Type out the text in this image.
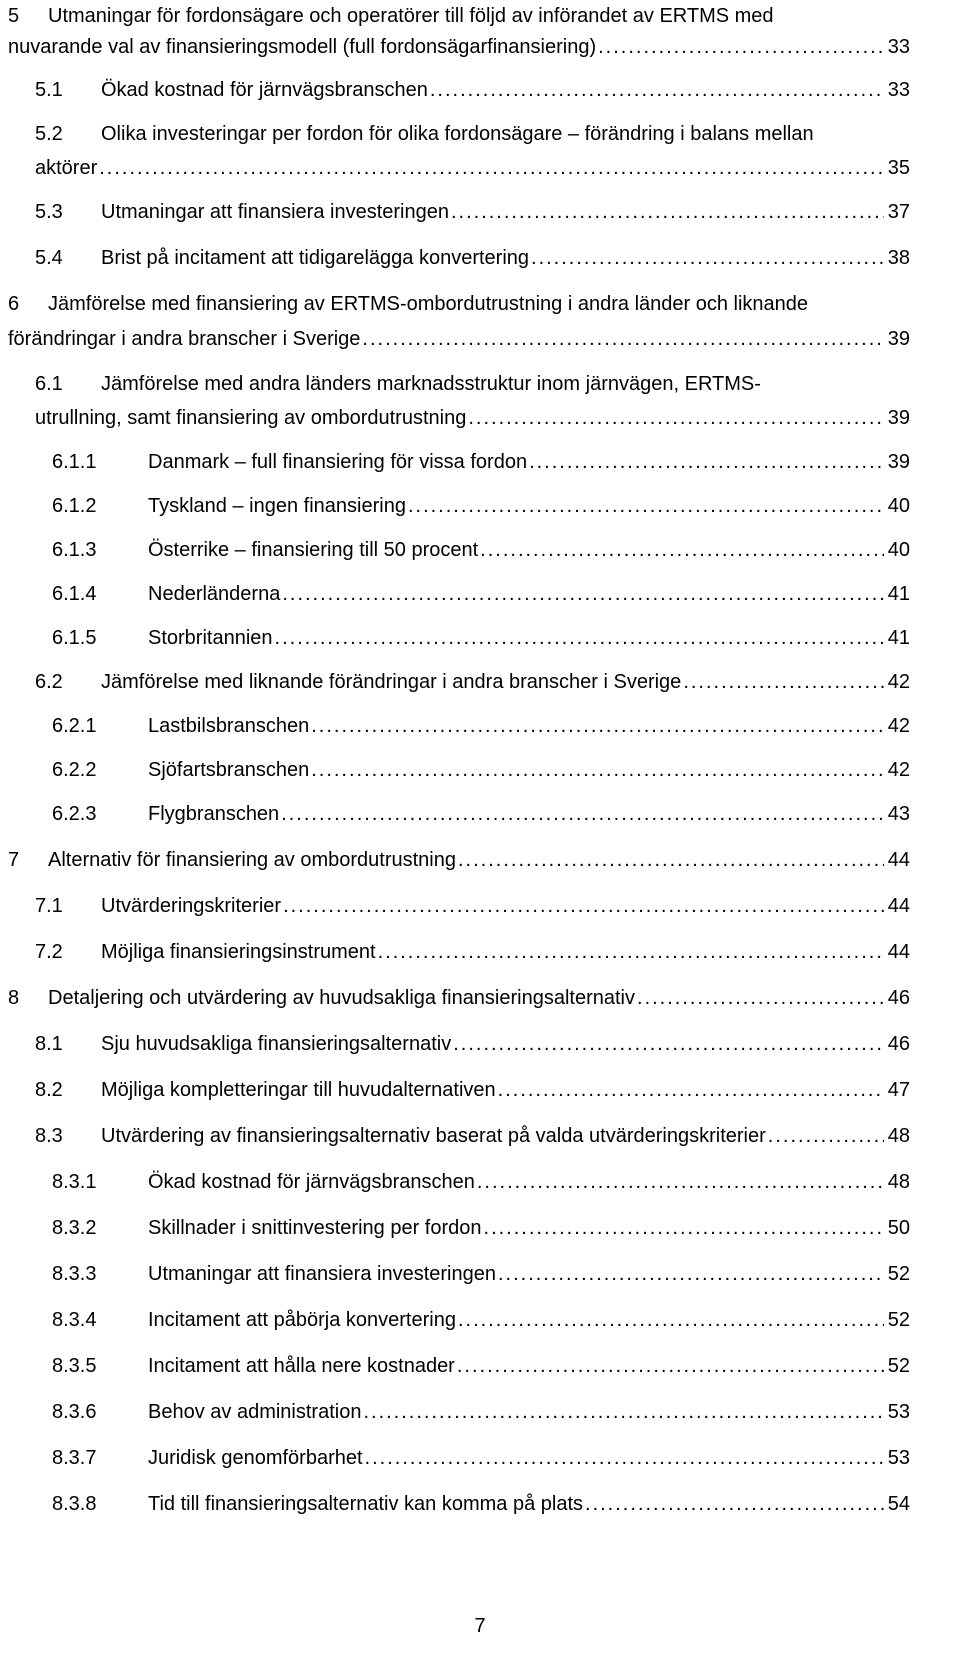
5 Utmaningar för fordonsägare och operatörer till följd av införandet av ERTMS med
nuvarande val av finansieringsmodell (full fordonsägarfinansiering) .....	33
5.1	Ökad kostnad för järnvägsbranschen .....	33
5.2 Olika investeringar per fordon för olika fordonsägare – förändring i balans mellan
aktörer .....	35
5.3	Utmaningar att finansiera investeringen .....	37
5.4	Brist på incitament att tidigarelägga konvertering .....	38
6 Jämförelse med finansiering av ERTMS-ombordutrustning i andra länder och liknande
förändringar i andra branscher i Sverige .....	39
6.1 Jämförelse med andra länders marknadsstruktur inom järnvägen, ERTMS-
utrullning, samt finansiering av ombordutrustning .....	39
6.1.1	Danmark – full finansiering för vissa fordon .....	39
6.1.2	Tyskland – ingen finansiering .....	40
6.1.3	Österrike – finansiering till 50 procent .....	40
6.1.4	Nederländerna .....	41
6.1.5	Storbritannien .....	41
6.2	Jämförelse med liknande förändringar i andra branscher i Sverige .....	42
6.2.1	Lastbilsbranschen .....	42
6.2.2	Sjöfartsbranschen .....	42
6.2.3	Flygbranschen .....	43
7	Alternativ för finansiering av ombordutrustning .....	44
7.1	Utvärderingskriterier .....	44
7.2	Möjliga finansieringsinstrument .....	44
8	Detaljering och utvärdering av huvudsakliga finansieringsalternativ .....	46
8.1	Sju huvudsakliga finansieringsalternativ .....	46
8.2	Möjliga kompletteringar till huvudalternativen .....	47
8.3	Utvärdering av finansieringsalternativ baserat på valda utvärderingskriterier .....	48
8.3.1	Ökad kostnad för järnvägsbranschen .....	48
8.3.2	Skillnader i snittinvestering per fordon .....	50
8.3.3	Utmaningar att finansiera investeringen .....	52
8.3.4	Incitament att påbörja konvertering .....	52
8.3.5	Incitament att hålla nere kostnader .....	52
8.3.6	Behov av administration .....	53
8.3.7	Juridisk genomförbarhet .....	53
8.3.8	Tid till finansieringsalternativ kan komma på plats .....	54
7
